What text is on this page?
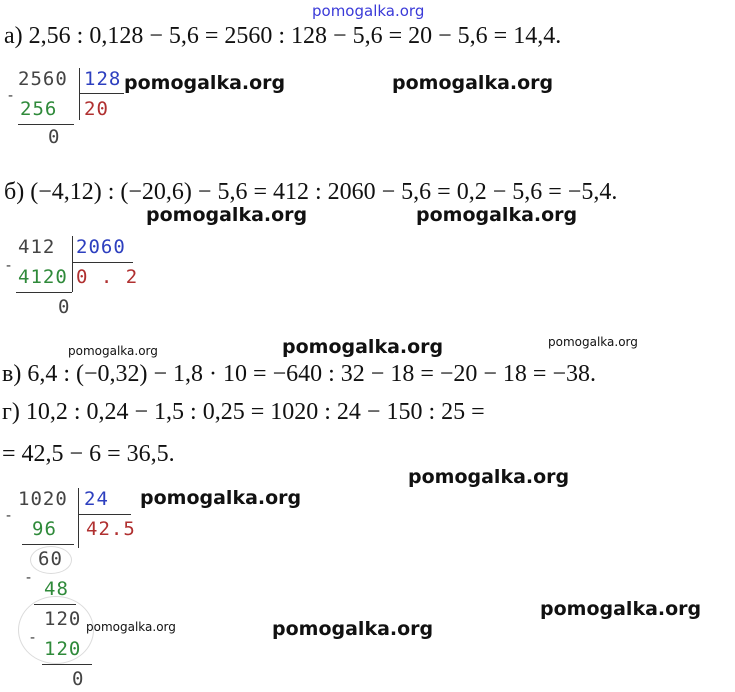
pomogalka.org
а) 2,56 : 0,128 − 5,6 = 2560 : 128 − 5,6 = 20 − 5,6 = 14,4.
-
2560 128
256 20
0
pomogalka.org	pomogalka.org
б) (−4,12) : (−20,6) − 5,6 = 412 : 2060 − 5,6 = 0,2 − 5,6 = −5,4.
pomogalka.org	pomogalka.org
-
412 2060
4120 0 . 2
0
pomogalka.org
pomogalka.org
pomogalka.org
в) 6,4 : (−0,32) − 1,8 · 10 = −640 : 32 − 18 = −20 − 18 = −38.
г) 10,2 : 0,24 − 1,5 : 0,25 = 1020 : 24 − 150 : 25 =
= 42,5 − 6 = 36,5.
pomogalka.org
pomogalka.org
-
1020 24
96 42.5
60
- 48
120
- 120
0
pomogalka.org
pomogalka.org
pomogalka.org
